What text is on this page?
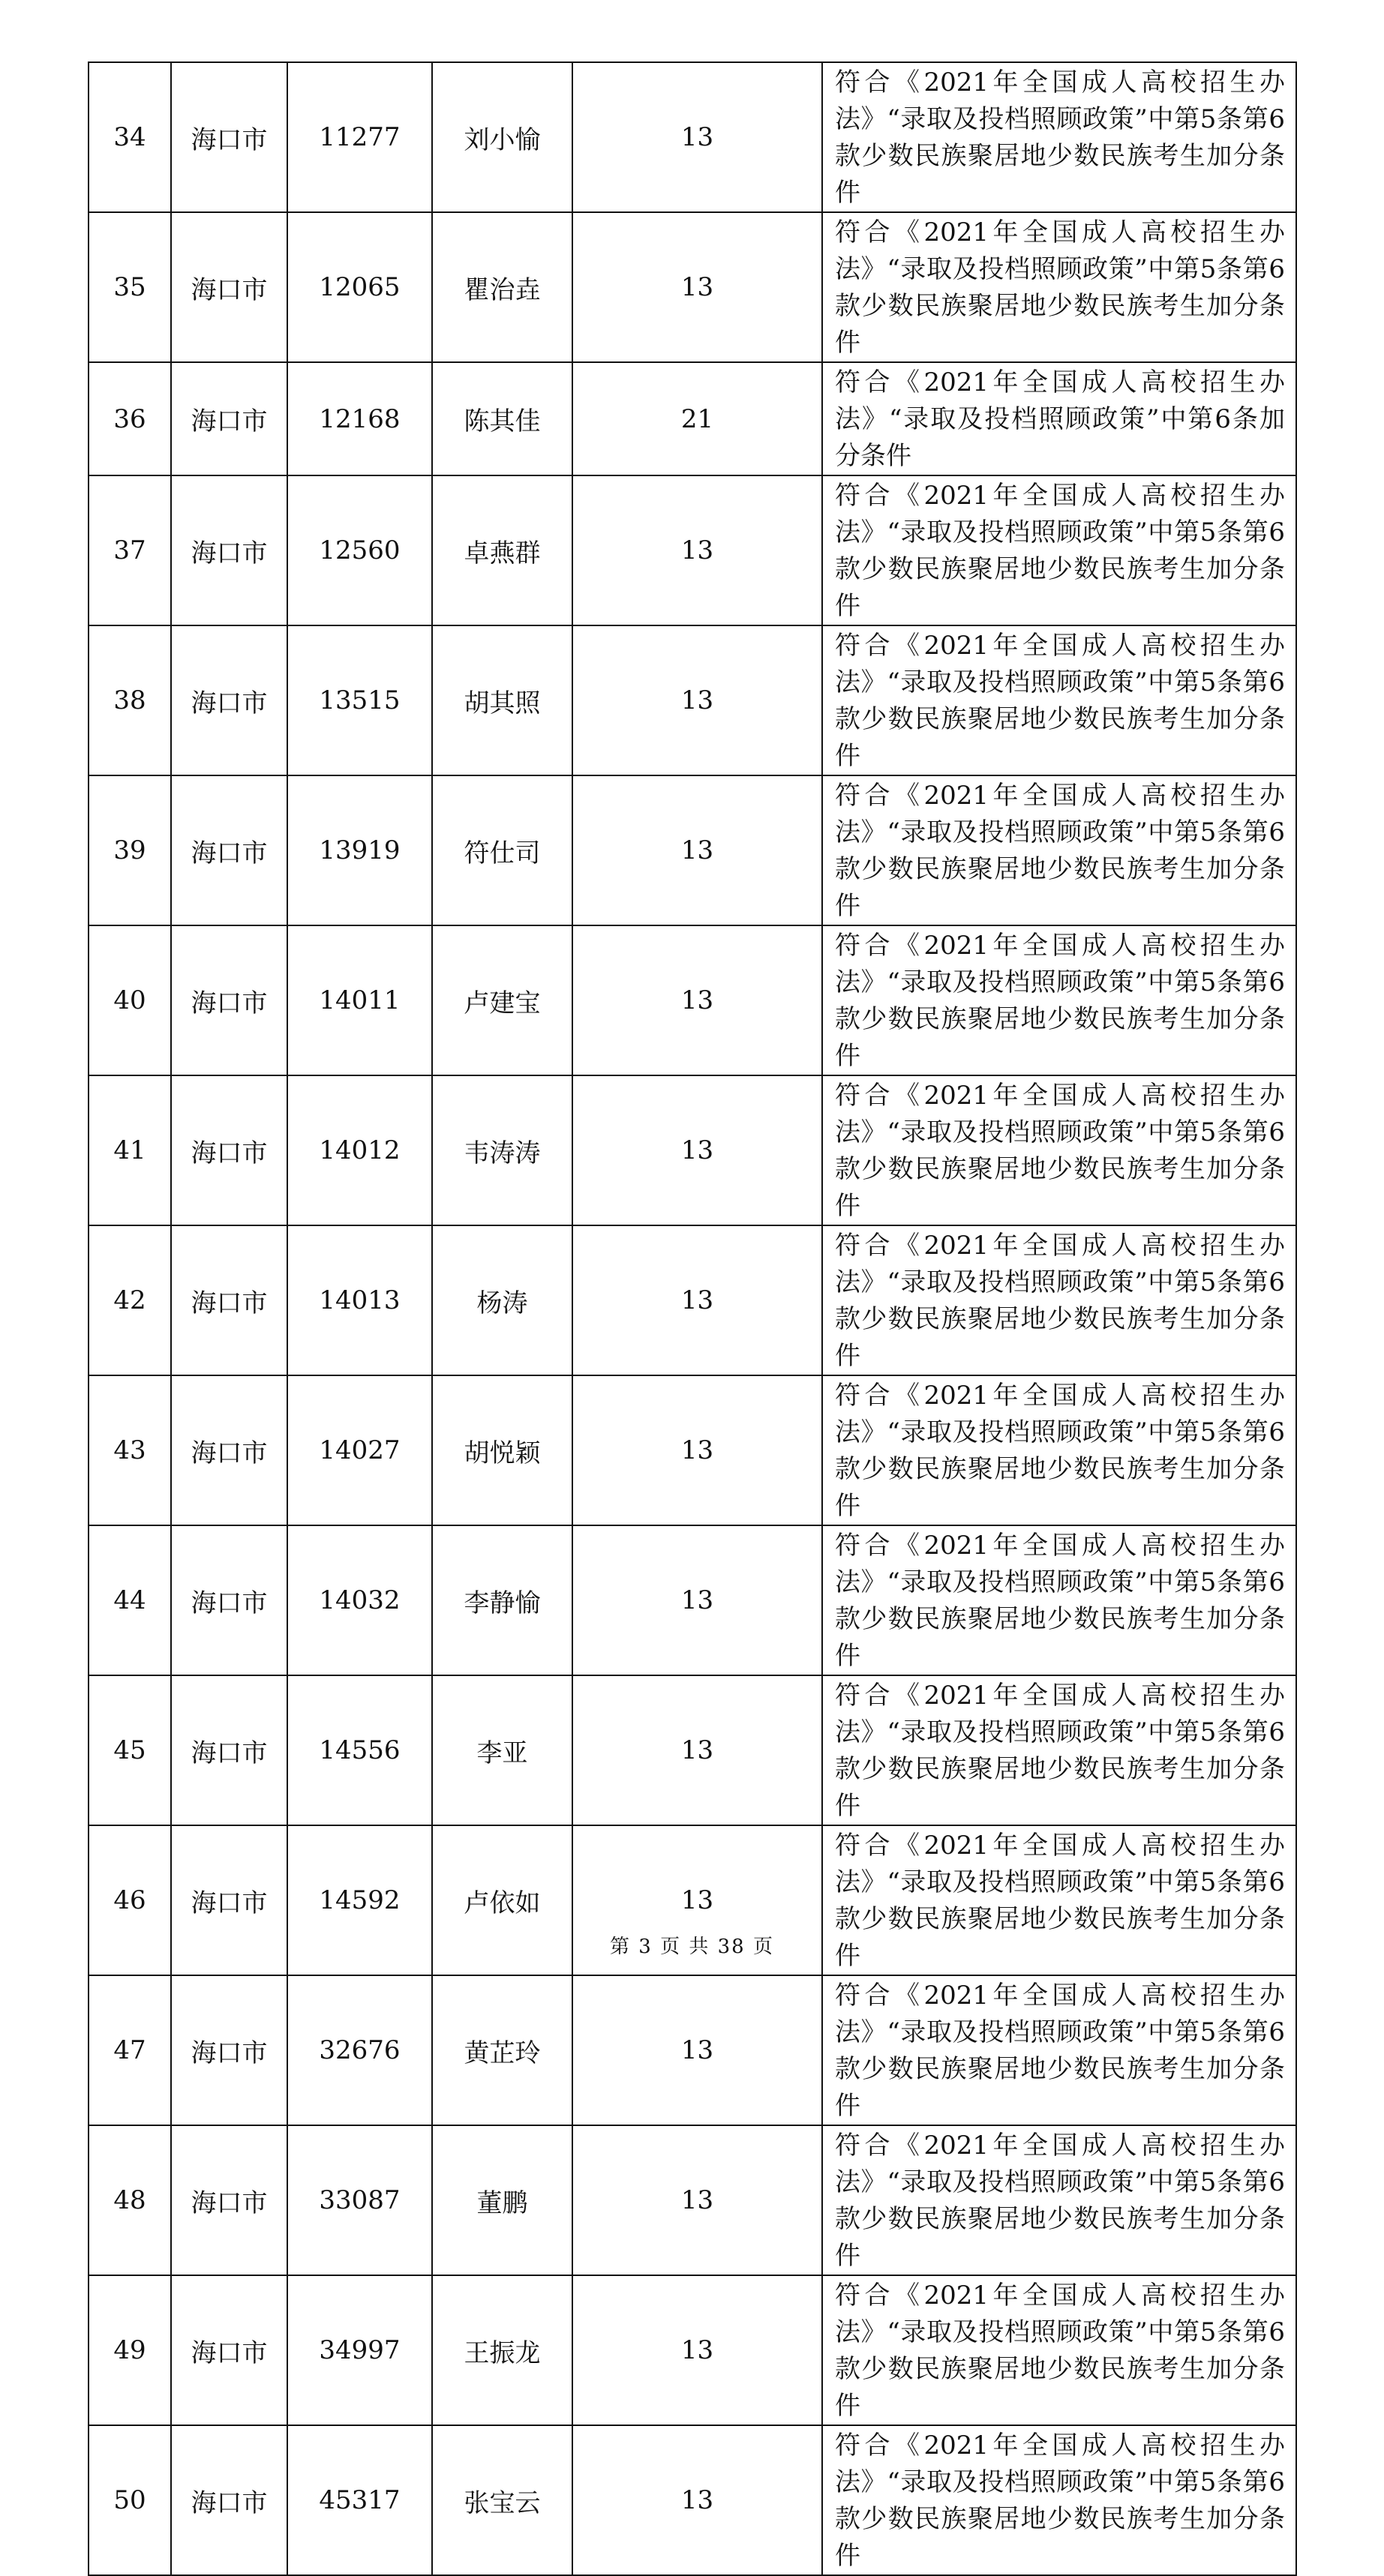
34	海口市	11277	刘小愉	13	符合《2021年全国成人高校招生办法》“录取及投档照顾政策”中第5条第6款少数民族聚居地少数民族考生加分条件
35	海口市	12065	瞿治垚	13	符合《2021年全国成人高校招生办法》“录取及投档照顾政策”中第5条第6款少数民族聚居地少数民族考生加分条件
36	海口市	12168	陈其佳	21	符合《2021年全国成人高校招生办法》“录取及投档照顾政策”中第6条加分条件
37	海口市	12560	卓燕群	13	符合《2021年全国成人高校招生办法》“录取及投档照顾政策”中第5条第6款少数民族聚居地少数民族考生加分条件
38	海口市	13515	胡其照	13	符合《2021年全国成人高校招生办法》“录取及投档照顾政策”中第5条第6款少数民族聚居地少数民族考生加分条件
39	海口市	13919	符仕司	13	符合《2021年全国成人高校招生办法》“录取及投档照顾政策”中第5条第6款少数民族聚居地少数民族考生加分条件
40	海口市	14011	卢建宝	13	符合《2021年全国成人高校招生办法》“录取及投档照顾政策”中第5条第6款少数民族聚居地少数民族考生加分条件
41	海口市	14012	韦涛涛	13	符合《2021年全国成人高校招生办法》“录取及投档照顾政策”中第5条第6款少数民族聚居地少数民族考生加分条件
42	海口市	14013	杨涛	13	符合《2021年全国成人高校招生办法》“录取及投档照顾政策”中第5条第6款少数民族聚居地少数民族考生加分条件
43	海口市	14027	胡悦颖	13	符合《2021年全国成人高校招生办法》“录取及投档照顾政策”中第5条第6款少数民族聚居地少数民族考生加分条件
44	海口市	14032	李静愉	13	符合《2021年全国成人高校招生办法》“录取及投档照顾政策”中第5条第6款少数民族聚居地少数民族考生加分条件
45	海口市	14556	李亚	13	符合《2021年全国成人高校招生办法》“录取及投档照顾政策”中第5条第6款少数民族聚居地少数民族考生加分条件
46	海口市	14592	卢依如	13	符合《2021年全国成人高校招生办法》“录取及投档照顾政策”中第5条第6款少数民族聚居地少数民族考生加分条件
47	海口市	32676	黄芷玲	13	符合《2021年全国成人高校招生办法》“录取及投档照顾政策”中第5条第6款少数民族聚居地少数民族考生加分条件
48	海口市	33087	董鹏	13	符合《2021年全国成人高校招生办法》“录取及投档照顾政策”中第5条第6款少数民族聚居地少数民族考生加分条件
49	海口市	34997	王振龙	13	符合《2021年全国成人高校招生办法》“录取及投档照顾政策”中第5条第6款少数民族聚居地少数民族考生加分条件
50	海口市	45317	张宝云	13	符合《2021年全国成人高校招生办法》“录取及投档照顾政策”中第5条第6款少数民族聚居地少数民族考生加分条件
第 3 页 共 38 页
